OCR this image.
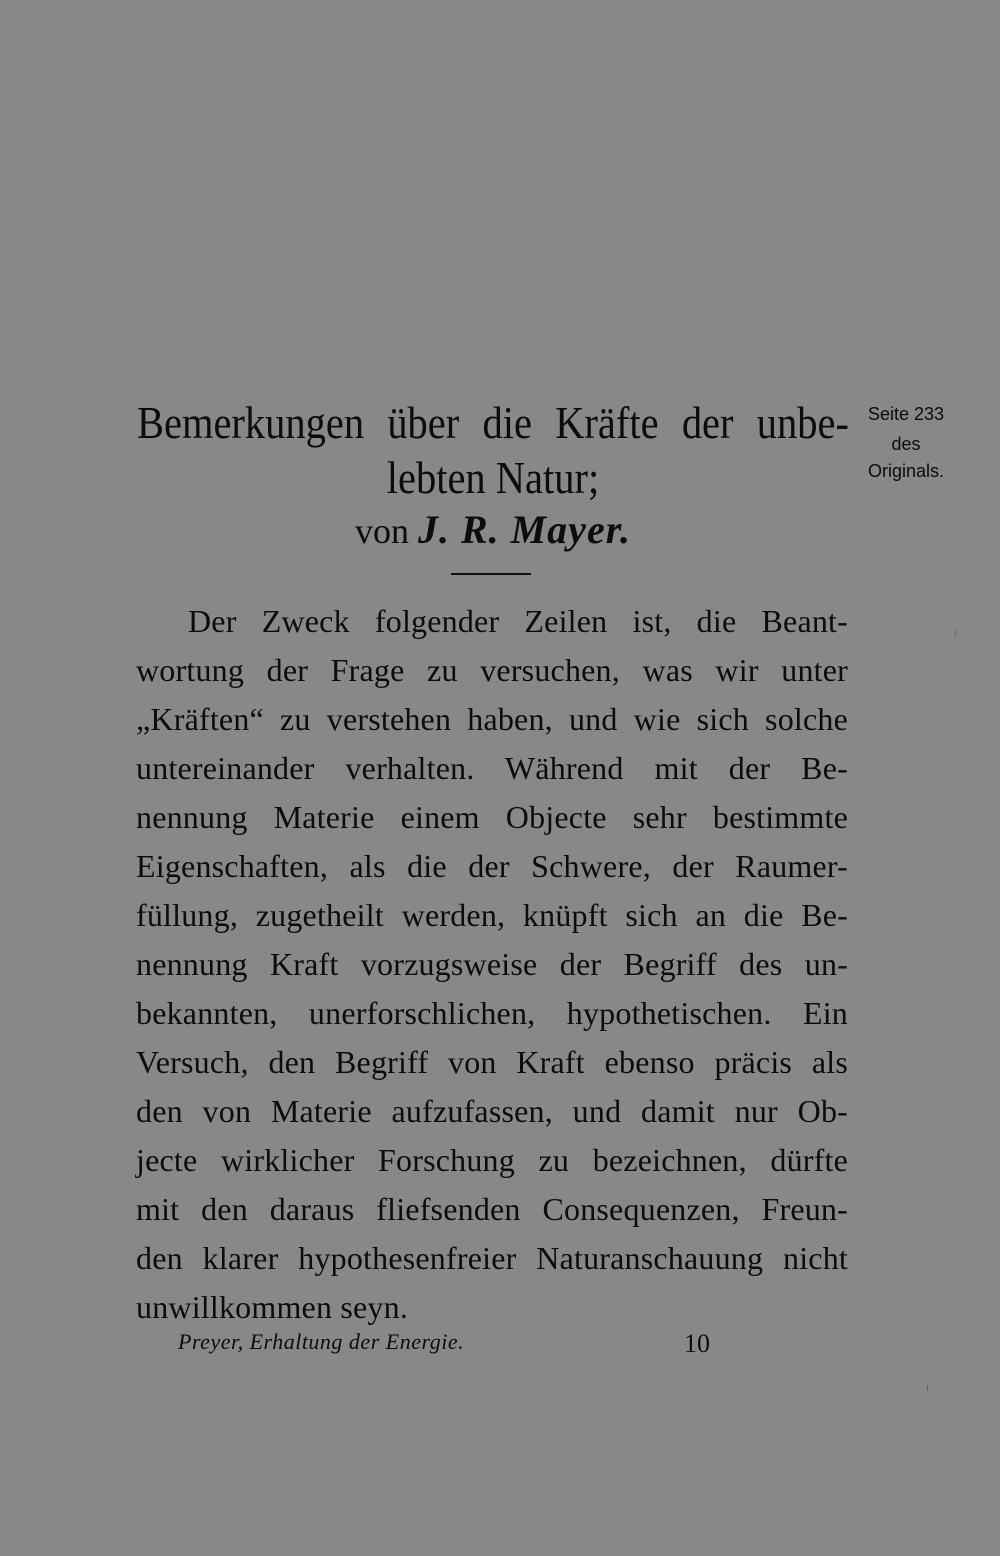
Bemerkungen über die Kräfte der unbe-
lebten Natur;
von J. R. Mayer.
Seite 233
des
Originals.
Der Zweck folgender Zeilen ist, die Beant-
wortung der Frage zu versuchen, was wir unter
„Kräften“ zu verstehen haben, und wie sich solche
untereinander verhalten. Während mit der Be-
nennung Materie einem Objecte sehr bestimmte
Eigenschaften, als die der Schwere, der Raumer-
füllung, zugetheilt werden, knüpft sich an die Be-
nennung Kraft vorzugsweise der Begriff des un-
bekannten, unerforschlichen, hypothetischen. Ein
Versuch, den Begriff von Kraft ebenso präcis als
den von Materie aufzufassen, und damit nur Ob-
jecte wirklicher Forschung zu bezeichnen, dürfte
mit den daraus fliefsenden Consequenzen, Freun-
den klarer hypothesenfreier Naturanschauung nicht
unwillkommen seyn.
Preyer, Erhaltung der Energie.	10
